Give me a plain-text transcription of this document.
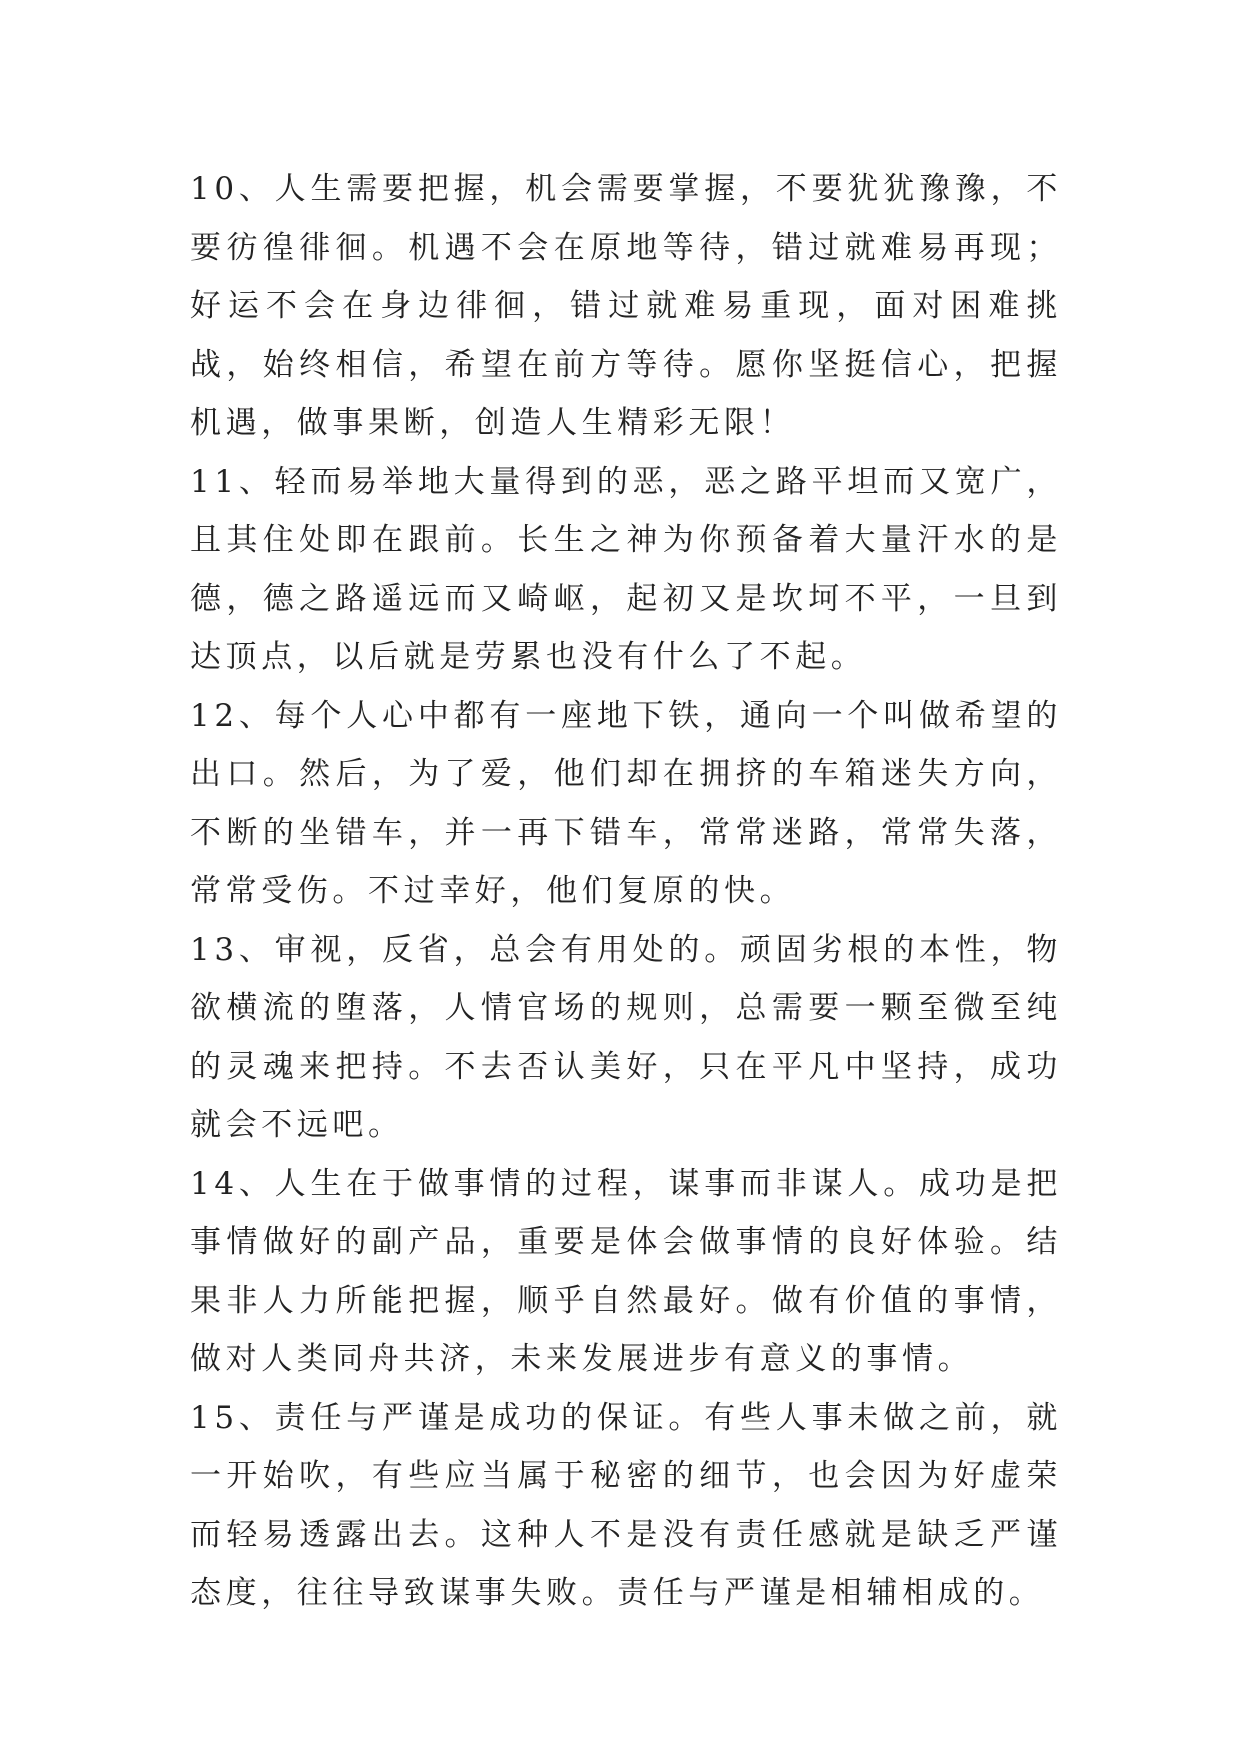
10、人生需要把握，机会需要掌握，不要犹犹豫豫，不要彷徨徘徊。机遇不会在原地等待，错过就难易再现；好运不会在身边徘徊，错过就难易重现，面对困难挑战，始终相信，希望在前方等待。愿你坚挺信心，把握机遇，做事果断，创造人生精彩无限！

11、轻而易举地大量得到的恶，恶之路平坦而又宽广，且其住处即在跟前。长生之神为你预备着大量汗水的是德，德之路遥远而又崎岖，起初又是坎坷不平，一旦到达顶点，以后就是劳累也没有什么了不起。

12、每个人心中都有一座地下铁，通向一个叫做希望的出口。然后，为了爱，他们却在拥挤的车箱迷失方向，不断的坐错车，并一再下错车，常常迷路，常常失落，常常受伤。不过幸好，他们复原的快。

13、审视，反省，总会有用处的。顽固劣根的本性，物欲横流的堕落，人情官场的规则，总需要一颗至微至纯的灵魂来把持。不去否认美好，只在平凡中坚持，成功就会不远吧。

14、人生在于做事情的过程，谋事而非谋人。成功是把事情做好的副产品，重要是体会做事情的良好体验。结果非人力所能把握，顺乎自然最好。做有价值的事情，做对人类同舟共济，未来发展进步有意义的事情。

15、责任与严谨是成功的保证。有些人事未做之前，就一开始吹，有些应当属于秘密的细节，也会因为好虚荣而轻易透露出去。这种人不是没有责任感就是缺乏严谨态度，往往导致谋事失败。责任与严谨是相辅相成的。
